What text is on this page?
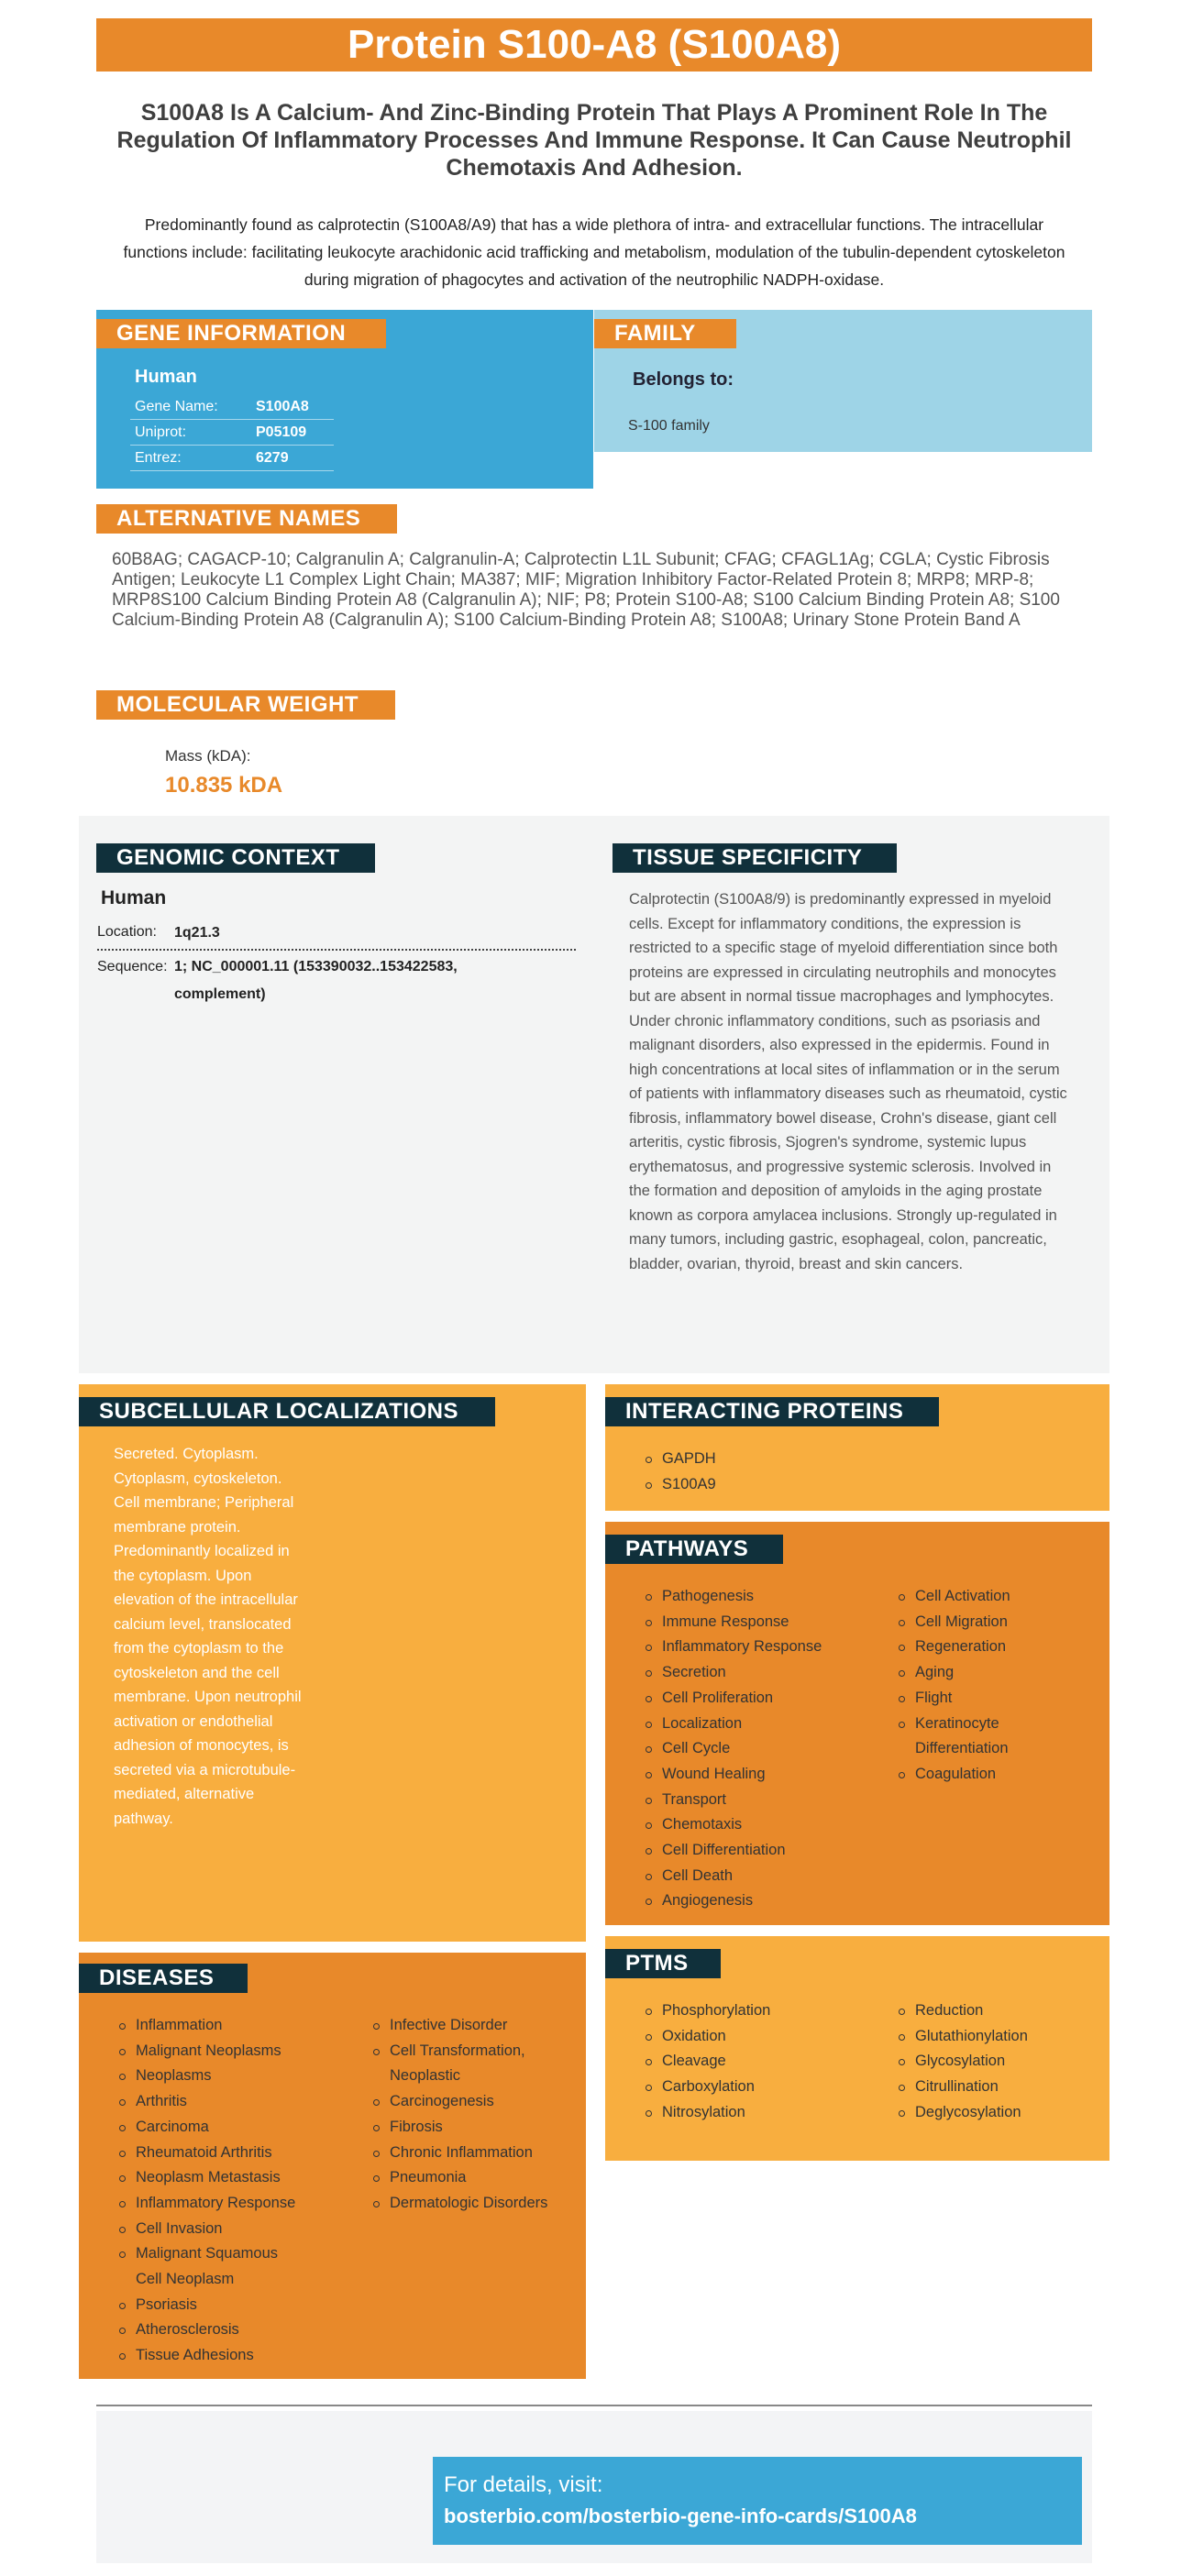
Protein S100-A8 (S100A8)
S100A8 Is A Calcium- And Zinc-Binding Protein That Plays A Prominent Role In The Regulation Of Inflammatory Processes And Immune Response. It Can Cause Neutrophil Chemotaxis And Adhesion.
Predominantly found as calprotectin (S100A8/A9) that has a wide plethora of intra- and extracellular functions. The intracellular functions include: facilitating leukocyte arachidonic acid trafficking and metabolism, modulation of the tubulin-dependent cytoskeleton during migration of phagocytes and activation of the neutrophilic NADPH-oxidase.
GENE INFORMATION
Human
Gene Name:	S100A8
Uniprot:	P05109
Entrez:	6279
FAMILY
Belongs to:
S-100 family
ALTERNATIVE NAMES
60B8AG; CAGACP-10; Calgranulin A; Calgranulin-A; Calprotectin L1L Subunit; CFAG; CFAGL1Ag; CGLA; Cystic Fibrosis Antigen; Leukocyte L1 Complex Light Chain; MA387; MIF; Migration Inhibitory Factor-Related Protein 8; MRP8; MRP-8; MRP8S100 Calcium Binding Protein A8 (Calgranulin A); NIF; P8; Protein S100-A8; S100 Calcium Binding Protein A8; S100 Calcium-Binding Protein A8 (Calgranulin A); S100 Calcium-Binding Protein A8; S100A8; Urinary Stone Protein Band A
MOLECULAR WEIGHT
Mass (kDA):
10.835 kDA
GENOMIC CONTEXT
Human
Location:	1q21.3
Sequence: 1; NC_000001.11 (153390032..153422583, complement)
TISSUE SPECIFICITY
Calprotectin (S100A8/9) is predominantly expressed in myeloid cells. Except for inflammatory conditions, the expression is restricted to a specific stage of myeloid differentiation since both proteins are expressed in circulating neutrophils and monocytes but are absent in normal tissue macrophages and lymphocytes. Under chronic inflammatory conditions, such as psoriasis and malignant disorders, also expressed in the epidermis. Found in high concentrations at local sites of inflammation or in the serum of patients with inflammatory diseases such as rheumatoid, cystic fibrosis, inflammatory bowel disease, Crohn's disease, giant cell arteritis, cystic fibrosis, Sjogren's syndrome, systemic lupus erythematosus, and progressive systemic sclerosis. Involved in the formation and deposition of amyloids in the aging prostate known as corpora amylacea inclusions. Strongly up-regulated in many tumors, including gastric, esophageal, colon, pancreatic, bladder, ovarian, thyroid, breast and skin cancers.
SUBCELLULAR LOCALIZATIONS
Secreted. Cytoplasm. Cytoplasm, cytoskeleton. Cell membrane; Peripheral membrane protein. Predominantly localized in the cytoplasm. Upon elevation of the intracellular calcium level, translocated from the cytoplasm to the cytoskeleton and the cell membrane. Upon neutrophil activation or endothelial adhesion of monocytes, is secreted via a microtubule-mediated, alternative pathway.
INTERACTING PROTEINS
GAPDH
S100A9
PATHWAYS
Pathogenesis
Immune Response
Inflammatory Response
Secretion
Cell Proliferation
Localization
Cell Cycle
Wound Healing
Transport
Chemotaxis
Cell Differentiation
Cell Death
Angiogenesis
Cell Activation
Cell Migration
Regeneration
Aging
Flight
Keratinocyte Differentiation
Coagulation
PTMS
Phosphorylation
Oxidation
Cleavage
Carboxylation
Nitrosylation
Reduction
Glutathionylation
Glycosylation
Citrullination
Deglycosylation
DISEASES
Inflammation
Malignant Neoplasms
Neoplasms
Arthritis
Carcinoma
Rheumatoid Arthritis
Neoplasm Metastasis
Inflammatory Response
Cell Invasion
Malignant Squamous Cell Neoplasm
Psoriasis
Atherosclerosis
Tissue Adhesions
Infective Disorder
Cell Transformation, Neoplastic
Carcinogenesis
Fibrosis
Chronic Inflammation
Pneumonia
Dermatologic Disorders
For details, visit:
bosterbio.com/bosterbio-gene-info-cards/S100A8
